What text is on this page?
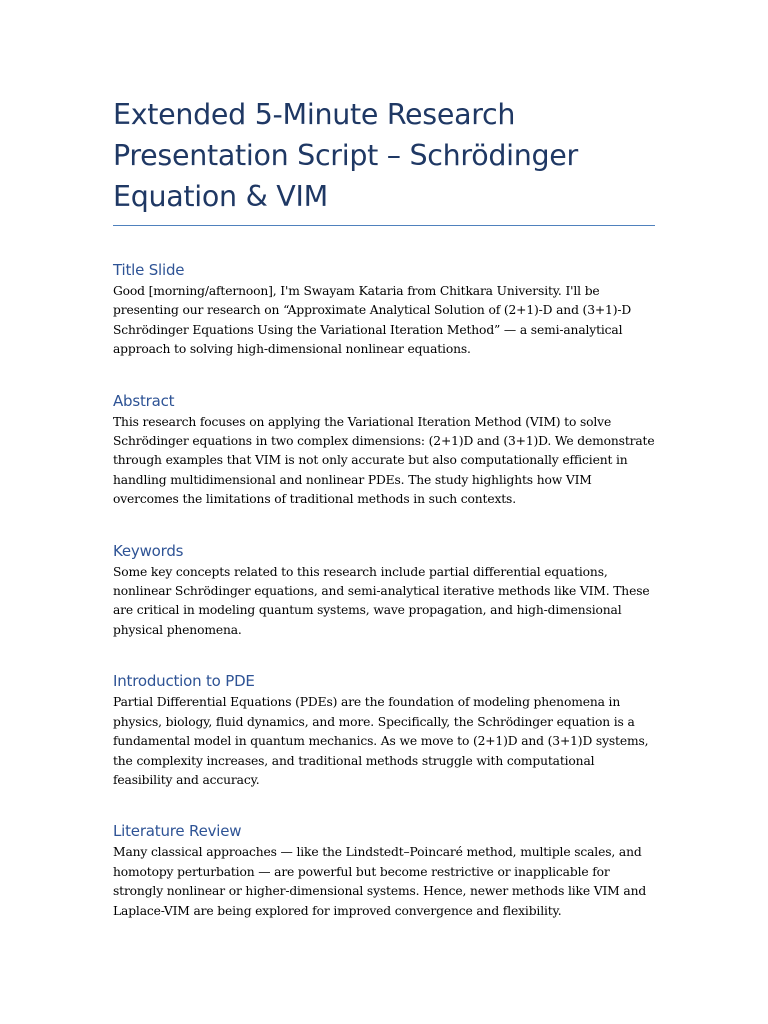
Extended 5-Minute Research Presentation Script – Schrödinger Equation & VIM
Title Slide

Good [morning/afternoon], I'm Swayam Kataria from Chitkara University. I'll be presenting our research on “Approximate Analytical Solution of (2+1)-D and (3+1)-D Schrödinger Equations Using the Variational Iteration Method” — a semi-analytical approach to solving high-dimensional nonlinear equations.

Abstract

This research focuses on applying the Variational Iteration Method (VIM) to solve Schrödinger equations in two complex dimensions: (2+1)D and (3+1)D. We demonstrate through examples that VIM is not only accurate but also computationally efficient in handling multidimensional and nonlinear PDEs. The study highlights how VIM overcomes the limitations of traditional methods in such contexts.

Keywords

Some key concepts related to this research include partial differential equations, nonlinear Schrödinger equations, and semi-analytical iterative methods like VIM. These are critical in modeling quantum systems, wave propagation, and high-dimensional physical phenomena.

Introduction to PDE

Partial Differential Equations (PDEs) are the foundation of modeling phenomena in physics, biology, fluid dynamics, and more. Specifically, the Schrödinger equation is a fundamental model in quantum mechanics. As we move to (2+1)D and (3+1)D systems, the complexity increases, and traditional methods struggle with computational feasibility and accuracy.

Literature Review

Many classical approaches — like the Lindstedt–Poincaré method, multiple scales, and homotopy perturbation — are powerful but become restrictive or inapplicable for strongly nonlinear or higher-dimensional systems. Hence, newer methods like VIM and Laplace-VIM are being explored for improved convergence and flexibility.
